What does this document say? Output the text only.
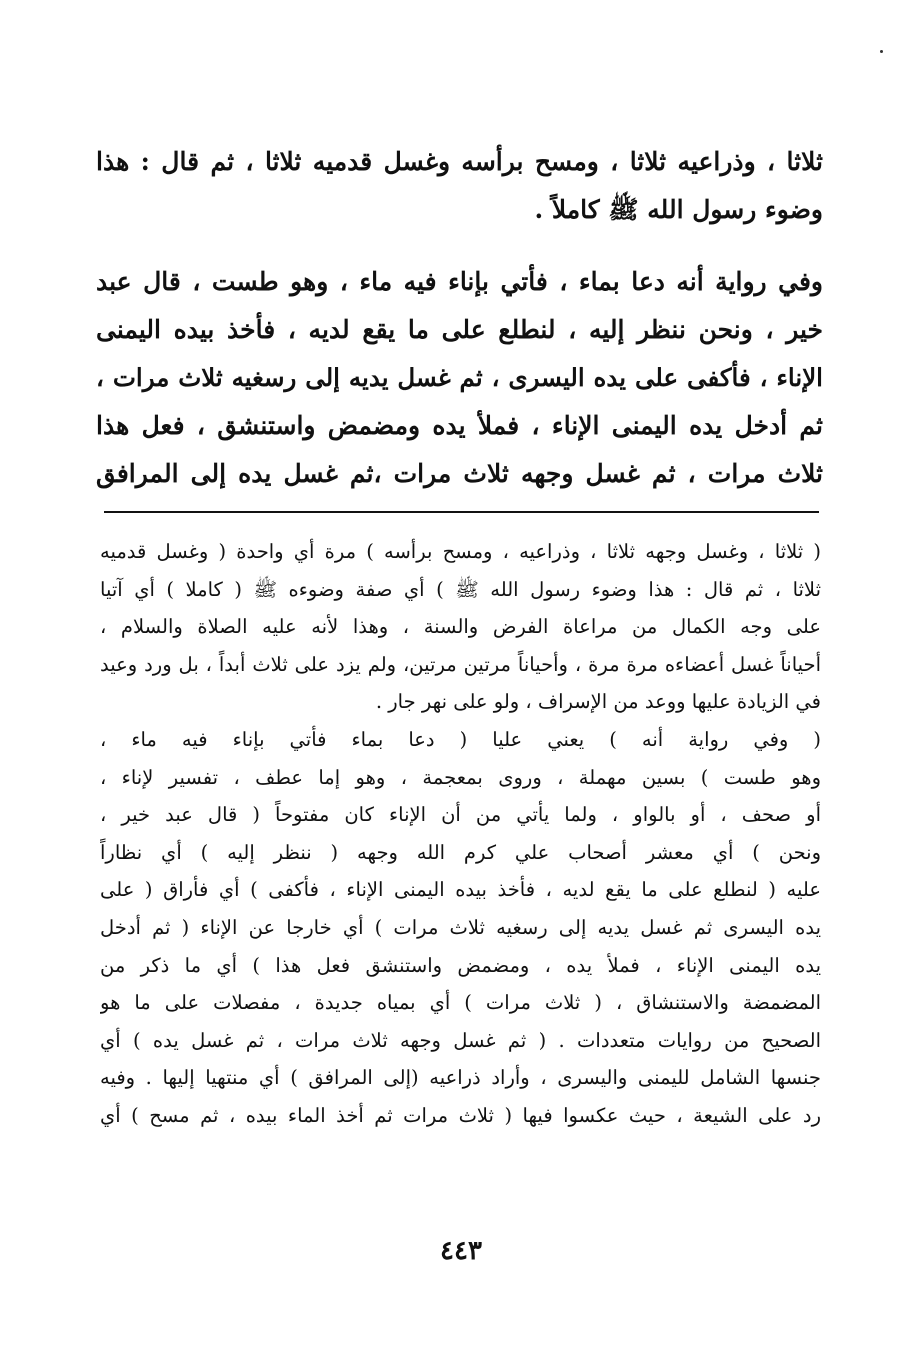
ثلاثا ، وذراعيه ثلاثا ، ومسح برأسه وغسل قدميه ثلاثا ، ثم قال : هذا
وضوء رسول الله ﷺ كاملاً .
وفي رواية أنه دعا بماء ، فأتي بإناء فيه ماء ، وهو طست ، قال عبد
خير ، ونحن ننظر إليه ، لنطلع على ما يقع لديه ، فأخذ بيده اليمنى
الإناء ، فأكفى على يده اليسرى ، ثم غسل يديه إلى رسغيه ثلاث مرات ،
ثم أدخل يده اليمنى الإناء ، فملأ يده ومضمض واستنشق ، فعل هذا
ثلاث مرات ، ثم غسل وجهه ثلاث مرات ،ثم غسل يده إلى المرافق
( ثلاثا ، وغسل وجهه ثلاثا ، وذراعيه ، ومسح برأسه ) مرة أي واحدة ( وغسل قدميه
ثلاثا ، ثم قال : هذا وضوء رسول الله ﷺ ) أي صفة وضوءه ﷺ ( كاملا ) أي آتيا
على وجه الكمال من مراعاة الفرض والسنة ، وهذا لأنه عليه الصلاة والسلام ،
أحياناً غسل أعضاءه مرة مرة ، وأحياناً مرتين مرتين، ولم يزد على ثلاث أبداً ، بل ورد وعيد
في الزيادة عليها ووعد من الإسراف ، ولو على نهر جار .
( وفي رواية أنه ) يعني عليا ( دعا بماء فأتي بإناء فيه ماء ،
وهو طست ) بسين مهملة ، وروى بمعجمة ، وهو إما عطف ، تفسير لإناء ،
أو صحف ، أو بالواو ، ولما يأتي من أن الإناء كان مفتوحاً ( قال عبد خير ،
ونحن ) أي معشر أصحاب علي كرم الله وجهه ( ننظر إليه ) أي نظاراً
عليه ( لنطلع على ما يقع لديه ، فأخذ بيده اليمنى الإناء ، فأكفى ) أي فأراق ( على
يده اليسرى ثم غسل يديه إلى رسغيه ثلاث مرات ) أي خارجا عن الإناء ( ثم أدخل
يده اليمنى الإناء ، فملأ يده ، ومضمض واستنشق فعل هذا ) أي ما ذكر من
المضمضة والاستنشاق ، ( ثلاث مرات ) أي بمياه جديدة ، مفصلات على ما هو
الصحيح من روايات متعددات . ( ثم غسل وجهه ثلاث مرات ، ثم غسل يده ) أي
جنسها الشامل لليمنى واليسرى ، وأراد ذراعيه (إلى المرافق ) أي منتهيا إليها . وفيه
رد على الشيعة ، حيث عكسوا فيها ( ثلاث مرات ثم أخذ الماء بيده ، ثم مسح ) أي
٤٤٣
